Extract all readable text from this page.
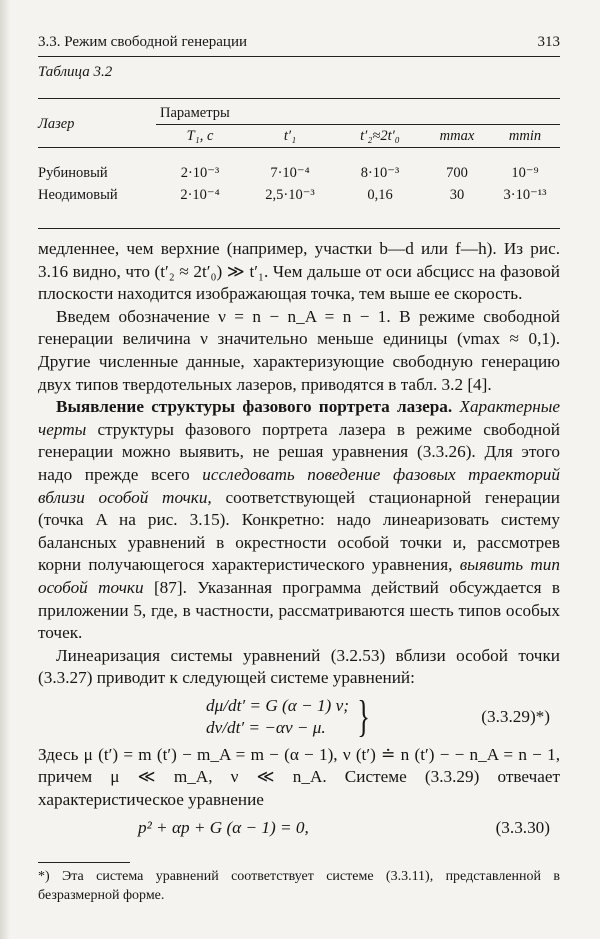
3.3. Режим свободной генерации	313
Таблица 3.2
Лазер	Параметры				
	T₁, с	t′₁	t′₂≈2t′₀	mmax	mmin

Рубиновый	2·10⁻³	7·10⁻⁴	8·10⁻³	700	10⁻⁹
Неодимовый	2·10⁻⁴	2,5·10⁻³	0,16	30	3·10⁻¹³

медленнее, чем верхние (например, участки b—d или f—h). Из рис. 3.16 видно, что (t′₂ ≈ 2t′₀) ≫ t′₁. Чем дальше от оси абсцисс на фазовой плоскости находится изображающая точка, тем выше ее скорость.

Введем обозначение ν = n − n_A = n − 1. В режиме свободной генерации величина ν значительно меньше единицы (νmax ≈ 0,1). Другие численные данные, характеризующие свободную генерацию двух типов твердотельных лазеров, приводятся в табл. 3.2 [4].

Выявление структуры фазового портрета лазера. Характерные черты структуры фазового портрета лазера в режиме свободной генерации можно выявить, не решая уравнения (3.3.26). Для этого надо прежде всего исследовать поведение фазовых траекторий вблизи особой точки, соответствующей стационарной генерации (точка A на рис. 3.15). Конкретно: надо линеаризовать систему балансных уравнений в окрестности особой точки и, рассмотрев корни получающегося характеристического уравнения, выявить тип особой точки [87]. Указанная программа действий обсуждается в приложении 5, где, в частности, рассматриваются шесть типов особых точек.

Линеаризация системы уравнений (3.2.53) вблизи особой точки (3.3.27) приводит к следующей системе уравнений:

dμ/dt′ = G (α − 1) ν;
dν/dt′ = −αν − μ. }	(3.3.29)*)

Здесь μ (t′) = m (t′) − m_A = m − (α − 1), ν (t′) ≐ n (t′) − − n_A = n − 1, причем μ ≪ m_A, ν ≪ n_A. Системе (3.3.29) отвечает характеристическое уравнение

p² + αp + G (α − 1) = 0,	(3.3.30)
*) Эта система уравнений соответствует системе (3.3.11), представленной в безразмерной форме.
